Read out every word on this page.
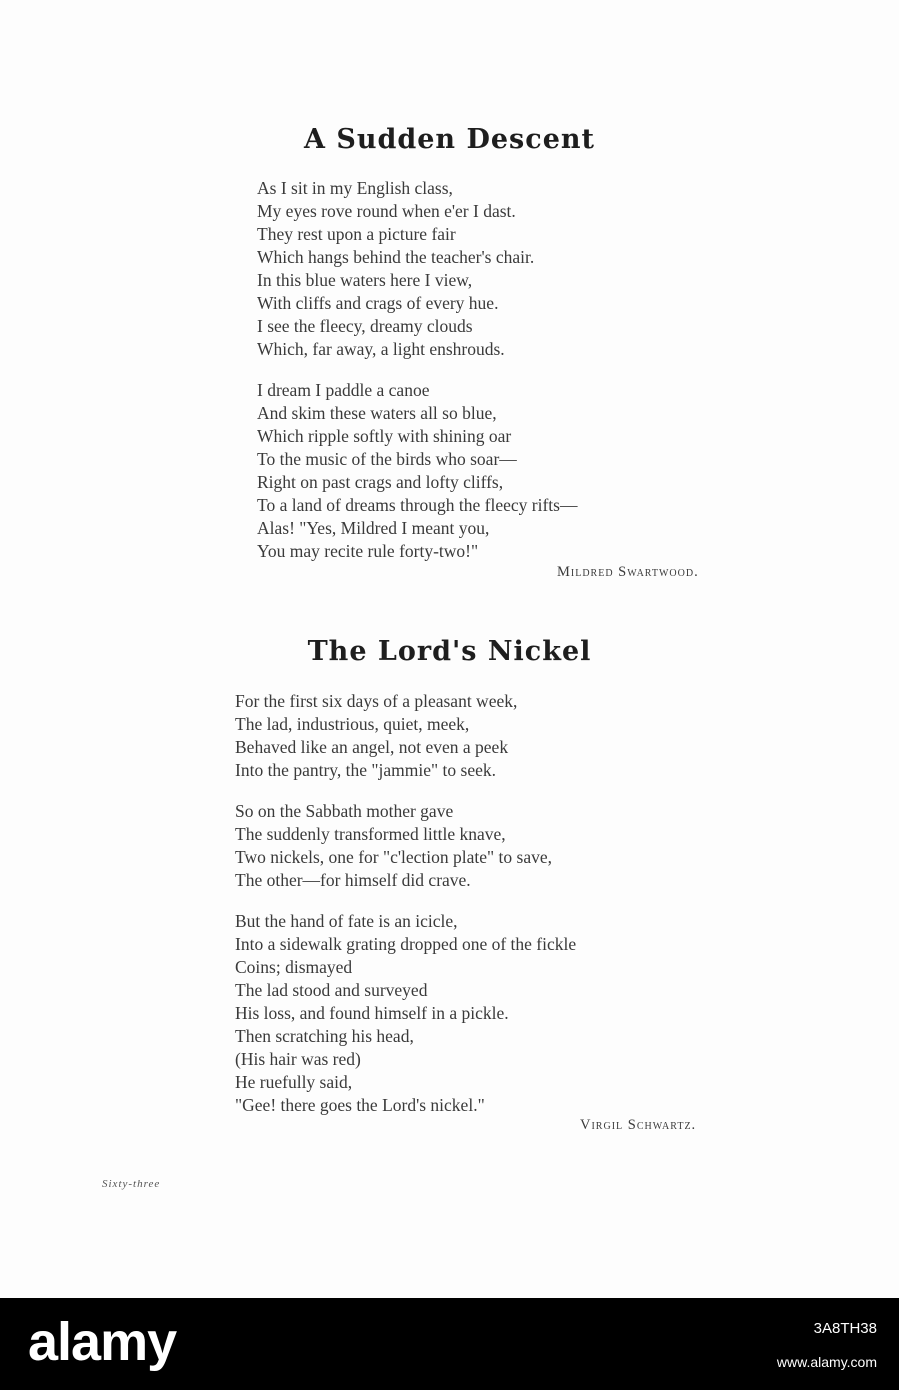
A Sudden Descent
As I sit in my English class,
My eyes rove round when e'er I dast.
They rest upon a picture fair
Which hangs behind the teacher's chair.
In this blue waters here I view,
With cliffs and crags of every hue.
I see the fleecy, dreamy clouds
Which, far away, a light enshrouds.
I dream I paddle a canoe
And skim these waters all so blue,
Which ripple softly with shining oar
To the music of the birds who soar—
Right on past crags and lofty cliffs,
To a land of dreams through the fleecy rifts—
Alas! "Yes, Mildred I meant you,
You may recite rule forty-two!"
Mildred Swartwood.
The Lord's Nickel
For the first six days of a pleasant week,
The lad, industrious, quiet, meek,
Behaved like an angel, not even a peek
Into the pantry, the "jammie" to seek.
So on the Sabbath mother gave
The suddenly transformed little knave,
Two nickels, one for "c'lection plate" to save,
The other—for himself did crave.
But the hand of fate is an icicle,
Into a sidewalk grating dropped one of the fickle
Coins; dismayed
The lad stood and surveyed
His loss, and found himself in a pickle.
Then scratching his head,
(His hair was red)
He ruefully said,
"Gee! there goes the Lord's nickel."
Virgil Schwartz.
Sixty-three
alamy	3A8TH38
www.alamy.com
